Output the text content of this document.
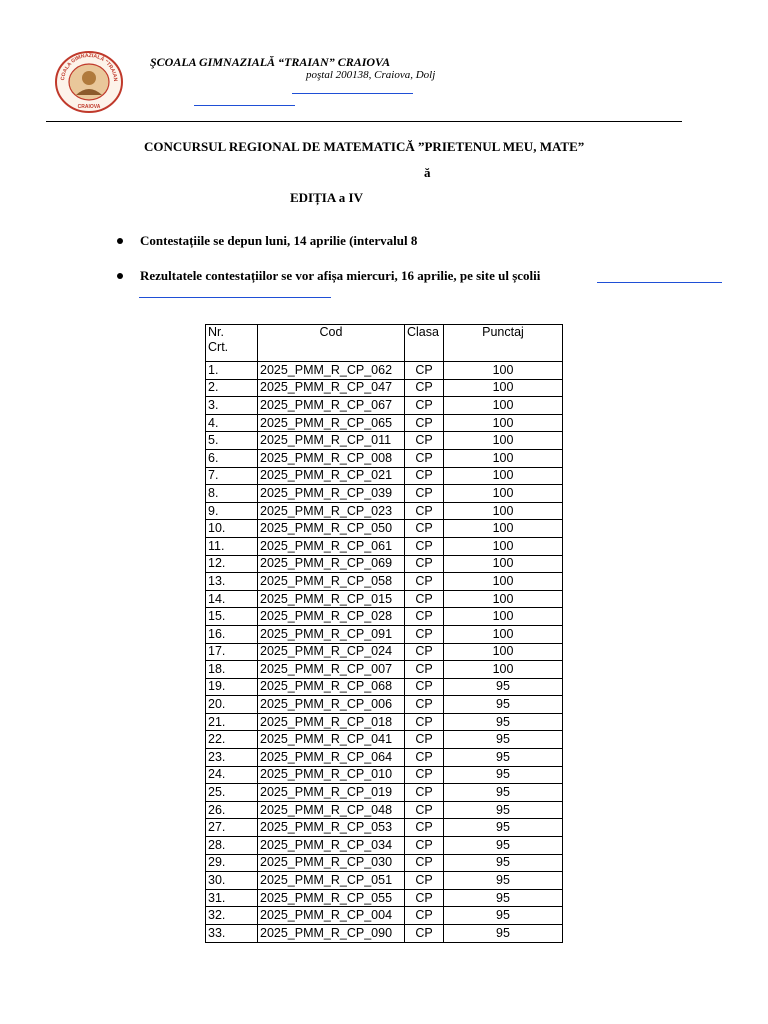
COALA GIMNAZIALĂ "TRAIAN
CRAIOVA
ŞCOALA GIMNAZIALĂ “TRAIAN” CRAIOVA
poştal 200138, Craiova, Dolj
CONCURSUL REGIONAL DE MATEMATICĂ ”PRIETENUL MEU, MATE”
ă
EDIȚIA a IV
Contestațiile se depun luni, 14 aprilie (intervalul 8
Rezultatele contestațiilor se vor afișa miercuri, 16 aprilie, pe site ul școlii
Nr.
Crt.	Cod	Clasa	Punctaj
1.	2025_PMM_R_CP_062	CP	100
2.	2025_PMM_R_CP_047	CP	100
3.	2025_PMM_R_CP_067	CP	100
4.	2025_PMM_R_CP_065	CP	100
5.	2025_PMM_R_CP_011	CP	100
6.	2025_PMM_R_CP_008	CP	100
7.	2025_PMM_R_CP_021	CP	100
8.	2025_PMM_R_CP_039	CP	100
9.	2025_PMM_R_CP_023	CP	100
10.	2025_PMM_R_CP_050	CP	100
11.	2025_PMM_R_CP_061	CP	100
12.	2025_PMM_R_CP_069	CP	100
13.	2025_PMM_R_CP_058	CP	100
14.	2025_PMM_R_CP_015	CP	100
15.	2025_PMM_R_CP_028	CP	100
16.	2025_PMM_R_CP_091	CP	100
17.	2025_PMM_R_CP_024	CP	100
18.	2025_PMM_R_CP_007	CP	100
19.	2025_PMM_R_CP_068	CP	95
20.	2025_PMM_R_CP_006	CP	95
21.	2025_PMM_R_CP_018	CP	95
22.	2025_PMM_R_CP_041	CP	95
23.	2025_PMM_R_CP_064	CP	95
24.	2025_PMM_R_CP_010	CP	95
25.	2025_PMM_R_CP_019	CP	95
26.	2025_PMM_R_CP_048	CP	95
27.	2025_PMM_R_CP_053	CP	95
28.	2025_PMM_R_CP_034	CP	95
29.	2025_PMM_R_CP_030	CP	95
30.	2025_PMM_R_CP_051	CP	95
31.	2025_PMM_R_CP_055	CP	95
32.	2025_PMM_R_CP_004	CP	95
33.	2025_PMM_R_CP_090	CP	95
